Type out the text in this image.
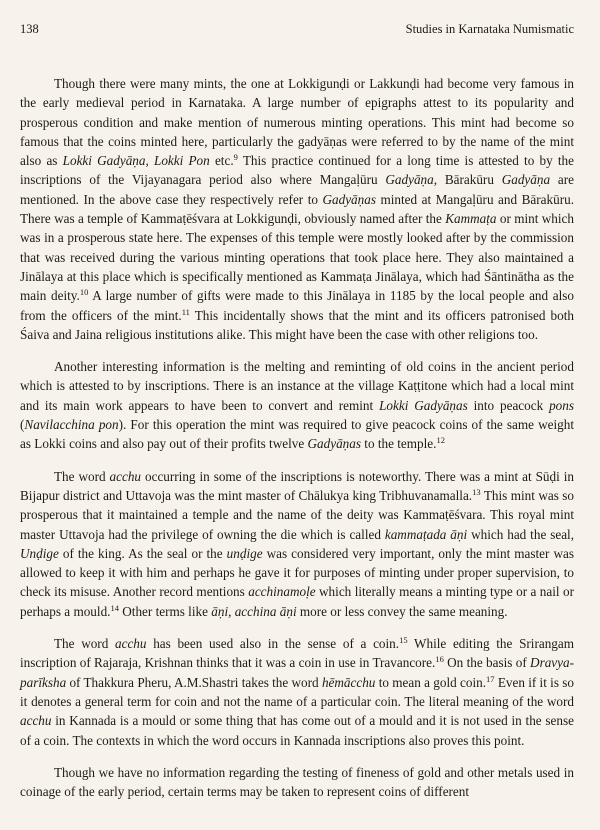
138	Studies in Karnataka Numismatic

Though there were many mints, the one at Lokkigunḍi or Lakkunḍi had become very famous in the early medieval period in Karnataka. A large number of epigraphs attest to its popularity and prosperous condition and make mention of numerous minting operations. This mint had become so famous that the coins minted here, particularly the gadyāṇas were referred to by the name of the mint also as Lokki Gadyāṇa, Lokki Pon etc.$^9$ This practice continued for a long time is attested to by the inscriptions of the Vijayanagara period also where Mangaḷūru Gadyāṇa, Bārakūru Gadyāṇa are mentioned. In the above case they respectively refer to Gadyāṇas minted at Mangaḷūru and Bārakūru. There was a temple of Kammaṭēśvara at Lokkigunḍi, obviously named after the Kammaṭa or mint which was in a prosperous state here. The expenses of this temple were mostly looked after by the commission that was received during the various minting operations that took place here. They also maintained a Jinālaya at this place which is specifically mentioned as Kammaṭa Jinālaya, which had Śāntinātha as the main deity.$^{10}$ A large number of gifts were made to this Jinālaya in 1185 by the local people and also from the officers of the mint.$^{11}$ This incidentally shows that the mint and its officers patronised both Śaiva and Jaina religious institutions alike. This might have been the case with other religions too.

Another interesting information is the melting and reminting of old coins in the ancient period which is attested to by inscriptions. There is an instance at the village Kaṭṭitone which had a local mint and its main work appears to have been to convert and remint Lokki Gadyāṇas into peacock pons (Navilacchina pon). For this operation the mint was required to give peacock coins of the same weight as Lokki coins and also pay out of their profits twelve Gadyāṇas to the temple.$^{12}$

The word acchu occurring in some of the inscriptions is noteworthy. There was a mint at Sūḍi in Bijapur district and Uttavoja was the mint master of Chālukya king Tribhuvanamalla.$^{13}$ This mint was so prosperous that it maintained a temple and the name of the deity was Kammaṭēśvara. This royal mint master Uttavoja had the privilege of owning the die which is called kammaṭada āṇi which had the seal, Unḍige of the king. As the seal or the unḍige was considered very important, only the mint master was allowed to keep it with him and perhaps he gave it for purposes of minting under proper supervision, to check its misuse. Another record mentions acchinamoḷe which literally means a minting type or a nail or perhaps a mould.$^{14}$ Other terms like āṇi, acchina āṇi more or less convey the same meaning.

The word acchu has been used also in the sense of a coin.$^{15}$ While editing the Srirangam inscription of Rajaraja, Krishnan thinks that it was a coin in use in Travancore.$^{16}$ On the basis of Dravya-parīksha of Thakkura Pheru, A.M.Shastri takes the word hēmācchu to mean a gold coin.$^{17}$ Even if it is so it denotes a general term for coin and not the name of a particular coin. The literal meaning of the word acchu in Kannada is a mould or some thing that has come out of a mould and it is not used in the sense of a coin. The contexts in which the word occurs in Kannada inscriptions also proves this point.

Though we have no information regarding the testing of fineness of gold and other metals used in coinage of the early period, certain terms may be taken to represent coins of different
